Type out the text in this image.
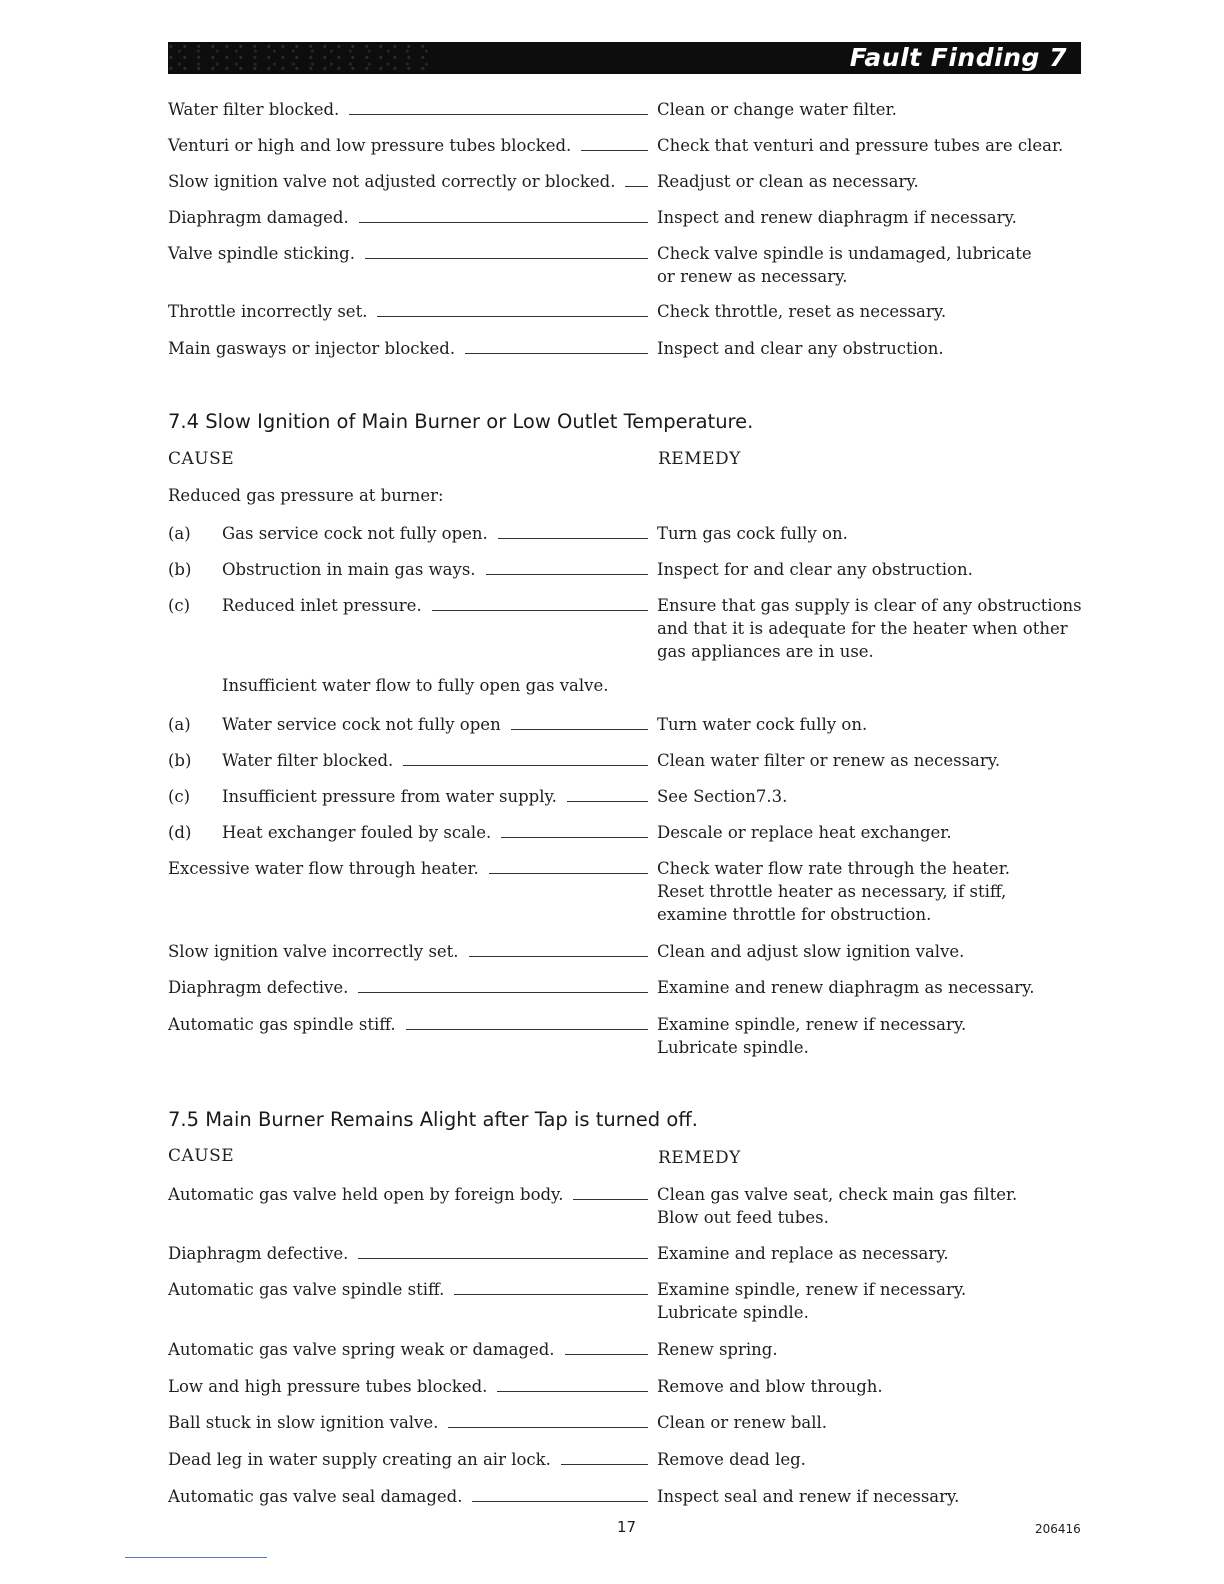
Fault Finding 7
Water filter blocked.	Clean or change water filter.
Venturi or high and low pressure tubes blocked.	Check that venturi and pressure tubes are clear.
Slow ignition valve not adjusted correctly or blocked.	Readjust or clean as necessary.
Diaphragm damaged.	Inspect and renew diaphragm if necessary.
Valve spindle sticking.	Check valve spindle is undamaged, lubricate
or renew as necessary.
Throttle incorrectly set.	Check throttle, reset as necessary.
Main gasways or injector blocked.	Inspect and clear any obstruction.
7.4 Slow Ignition of Main Burner or Low Outlet Temperature.
CAUSE	REMEDY
Reduced gas pressure at burner:
(a)	Gas service cock not fully open.	Turn gas cock fully on.
(b)	Obstruction in main gas ways.	Inspect for and clear any obstruction.
(c)	Reduced inlet pressure.	Ensure that gas supply is clear of any obstructions
and that it is adequate for the heater when other
gas appliances are in use.
Insufficient water flow to fully open gas valve.
(a)	Water service cock not fully open	Turn water cock fully on.
(b)	Water filter blocked.	Clean water filter or renew as necessary.
(c)	Insufficient pressure from water supply.	See Section7.3.
(d)	Heat exchanger fouled by scale.	Descale or replace heat exchanger.
Excessive water flow through heater.	Check water flow rate through the heater.
Reset throttle heater as necessary, if stiff,
examine throttle for obstruction.
Slow ignition valve incorrectly set.	Clean and adjust slow ignition valve.
Diaphragm defective.	Examine and renew diaphragm as necessary.
Automatic gas spindle stiff.	Examine spindle, renew if necessary.
Lubricate spindle.
7.5 Main Burner Remains Alight after Tap is turned off.
CAUSE	REMEDY
Automatic gas valve held open by foreign body.	Clean gas valve seat, check main gas filter.
Blow out feed tubes.
Diaphragm defective.	Examine and replace as necessary.
Automatic gas valve spindle stiff.	Examine spindle, renew if necessary.
Lubricate spindle.
Automatic gas valve spring weak or damaged.	Renew spring.
Low and high pressure tubes blocked.	Remove and blow through.
Ball stuck in slow ignition valve.	Clean or renew ball.
Dead leg in water supply creating an air lock.	Remove dead leg.
Automatic gas valve seal damaged.	Inspect seal and renew if necessary.
17	206416
